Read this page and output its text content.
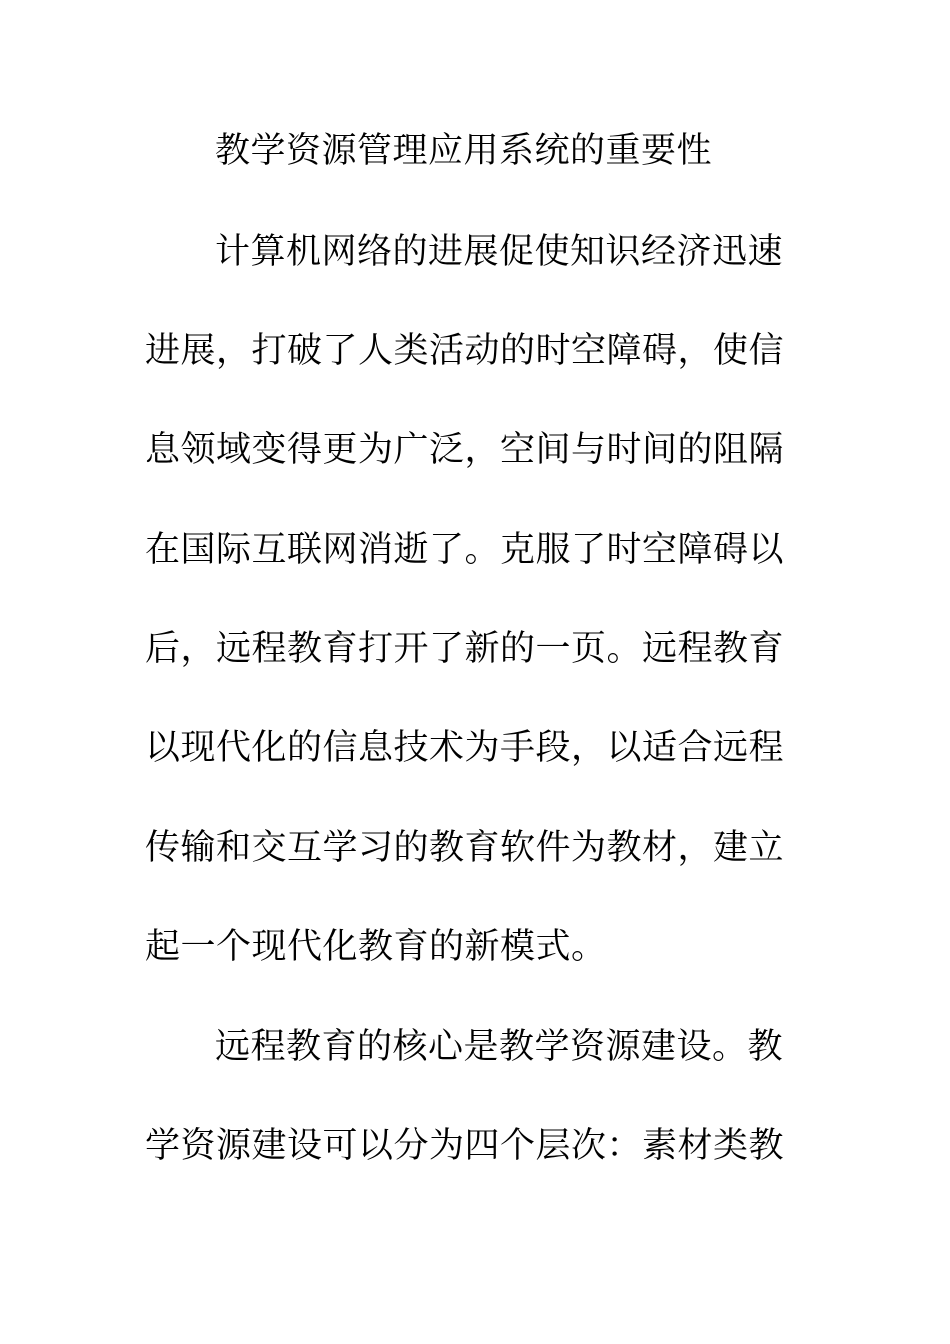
教学资源管理应用系统的重要性
计算机网络的进展促使知识经济迅速
进展，打破了人类活动的时空障碍，使信
息领域变得更为广泛，空间与时间的阻隔
在国际互联网消逝了。克服了时空障碍以
后，远程教育打开了新的一页。远程教育
以现代化的信息技术为手段，以适合远程
传输和交互学习的教育软件为教材，建立
起一个现代化教育的新模式。
远程教育的核心是教学资源建设。教
学资源建设可以分为四个层次：素材类教
